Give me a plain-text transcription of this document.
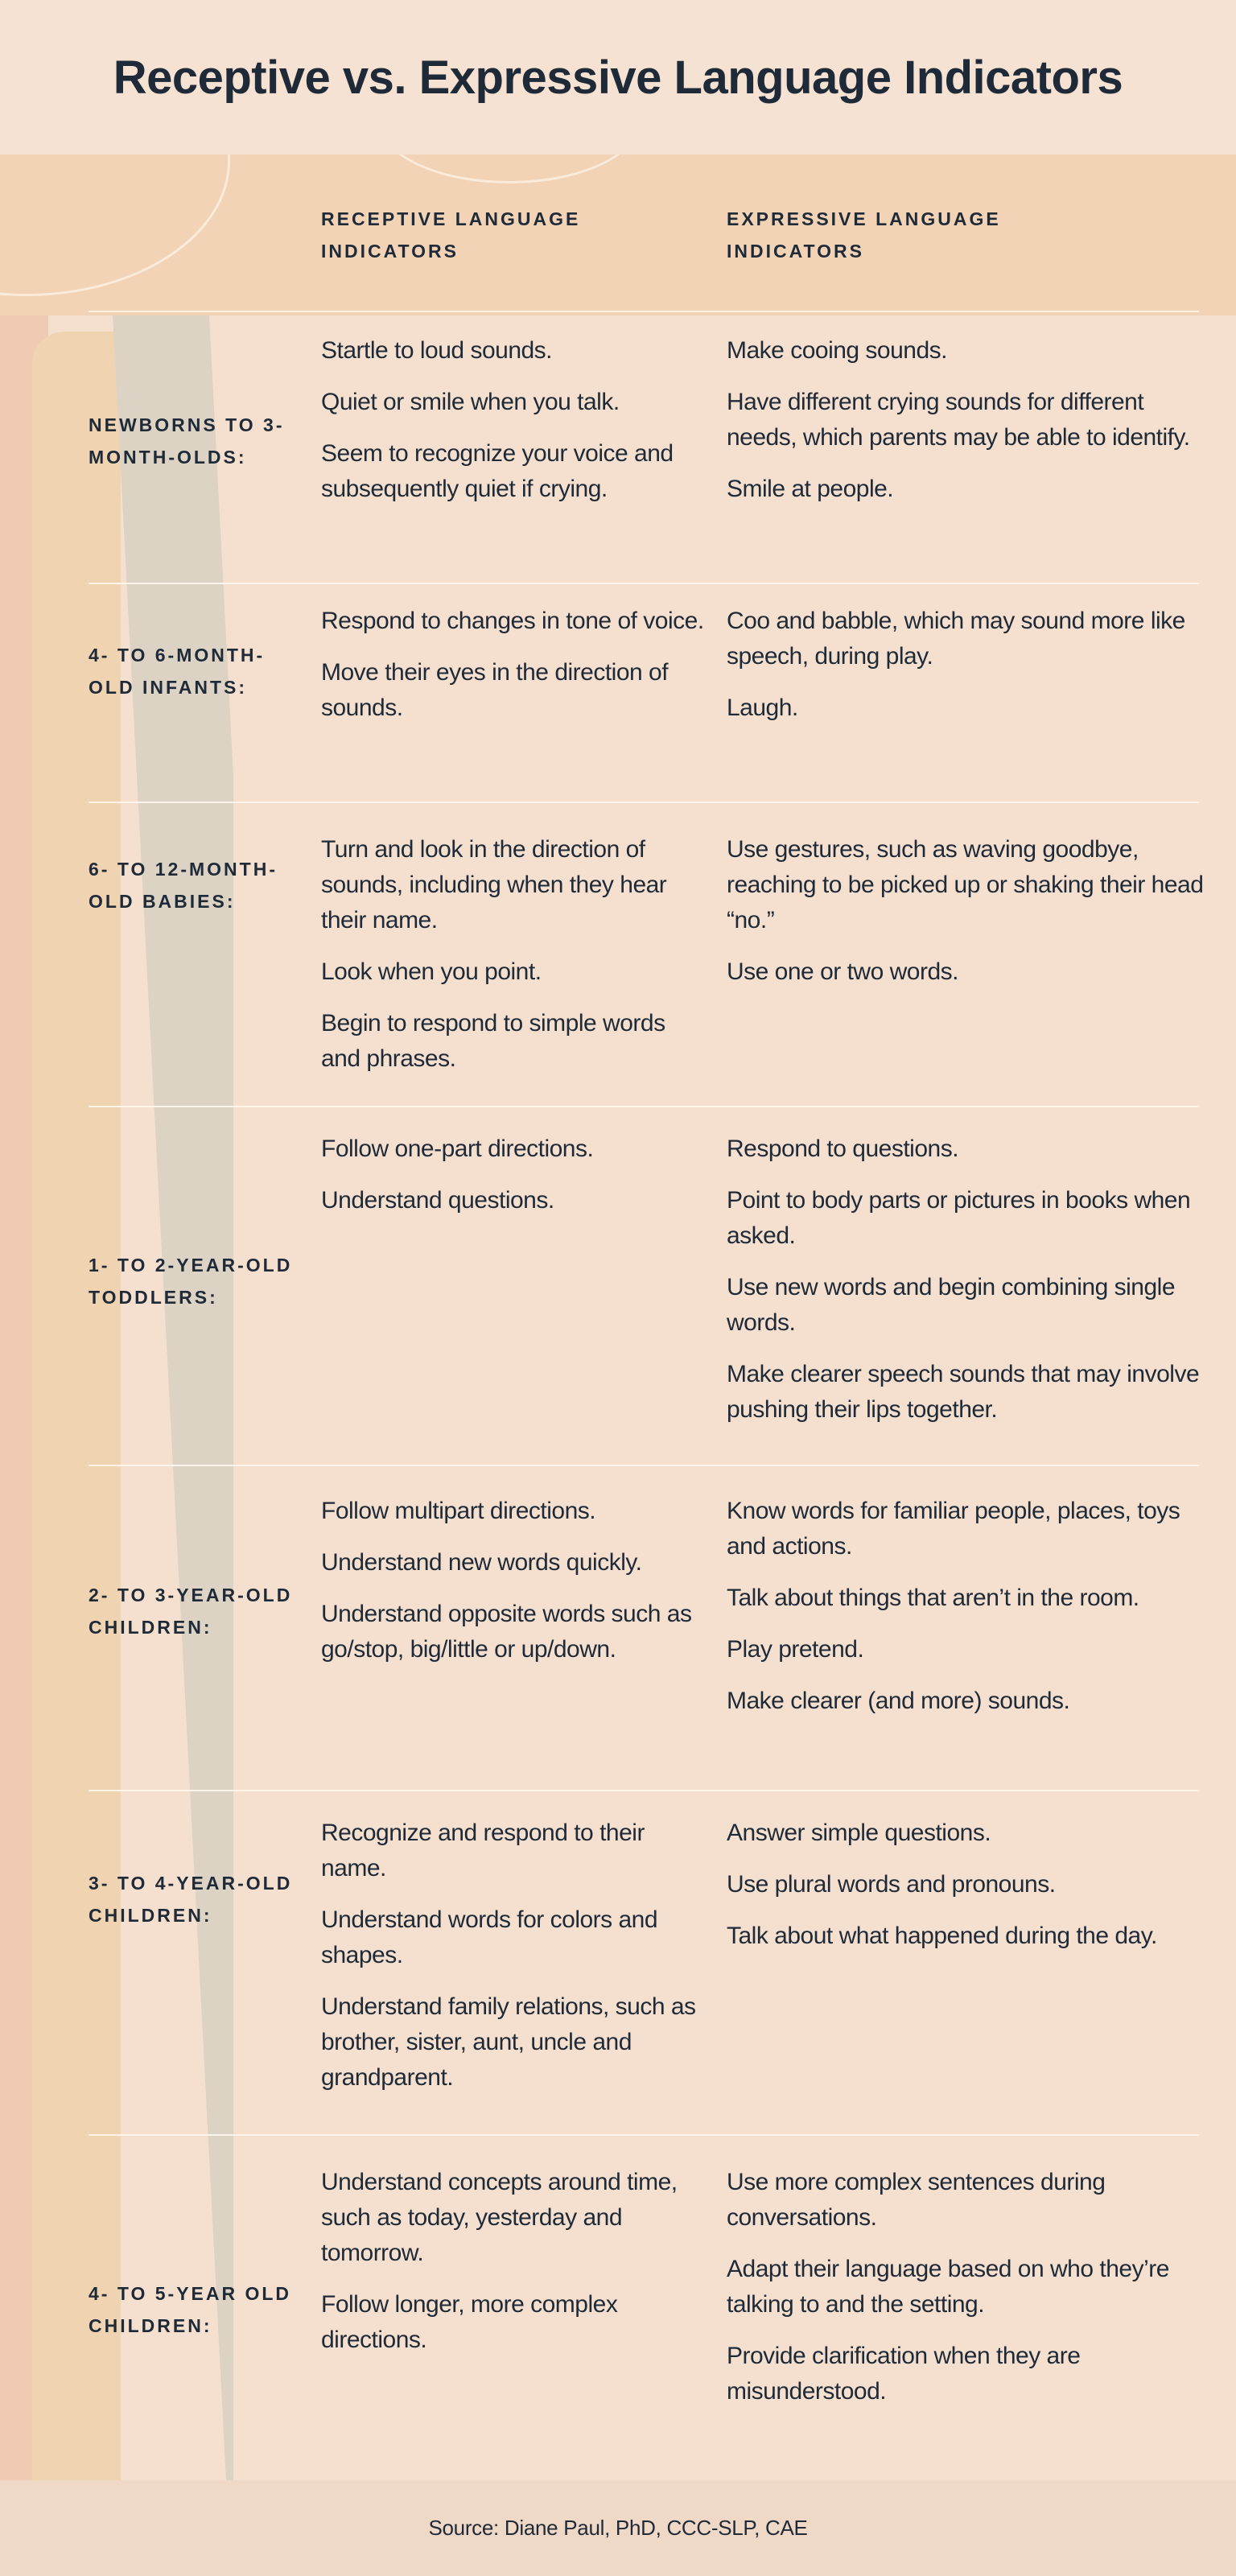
Receptive vs. Expressive Language Indicators
RECEPTIVE LANGUAGE INDICATORS
EXPRESSIVE LANGUAGE INDICATORS
NEWBORNS TO 3-MONTH-OLDS:

Startle to loud sounds.

Quiet or smile when you talk.

Seem to recognize your voice and subsequently quiet if crying.

Make cooing sounds.

Have different crying sounds for different needs, which parents may be able to identify.

Smile at people.

4- TO 6-MONTH-OLD INFANTS:

Respond to changes in tone of voice.

Move their eyes in the direction of sounds.

Coo and babble, which may sound more like speech, during play.

Laugh.

6- TO 12-MONTH-OLD BABIES:

Turn and look in the direction of sounds, including when they hear their name.

Look when you point.

Begin to respond to simple words and phrases.

Use gestures, such as waving goodbye, reaching to be picked up or shaking their head “no.”

Use one or two words.

1- TO 2-YEAR-OLD TODDLERS:

Follow one-part directions.

Understand questions.

Respond to questions.

Point to body parts or pictures in books when asked.

Use new words and begin combining single words.

Make clearer speech sounds that may involve pushing their lips together.

2- TO 3-YEAR-OLD CHILDREN:

Follow multipart directions.

Understand new words quickly.

Understand opposite words such as go/stop, big/little or up/down.

Know words for familiar people, places, toys and actions.

Talk about things that aren’t in the room.

Play pretend.

Make clearer (and more) sounds.

3- TO 4-YEAR-OLD CHILDREN:

Recognize and respond to their name.

Understand words for colors and shapes.

Understand family relations, such as brother, sister, aunt, uncle and grandparent.

Answer simple questions.

Use plural words and pronouns.

Talk about what happened during the day.

4- TO 5-YEAR OLD CHILDREN:

Understand concepts around time, such as today, yesterday and tomorrow.

Follow longer, more complex directions.

Use more complex sentences during conversations.

Adapt their language based on who they’re talking to and the setting.

Provide clarification when they are misunderstood.

Source: Diane Paul, PhD, CCC-SLP, CAE
